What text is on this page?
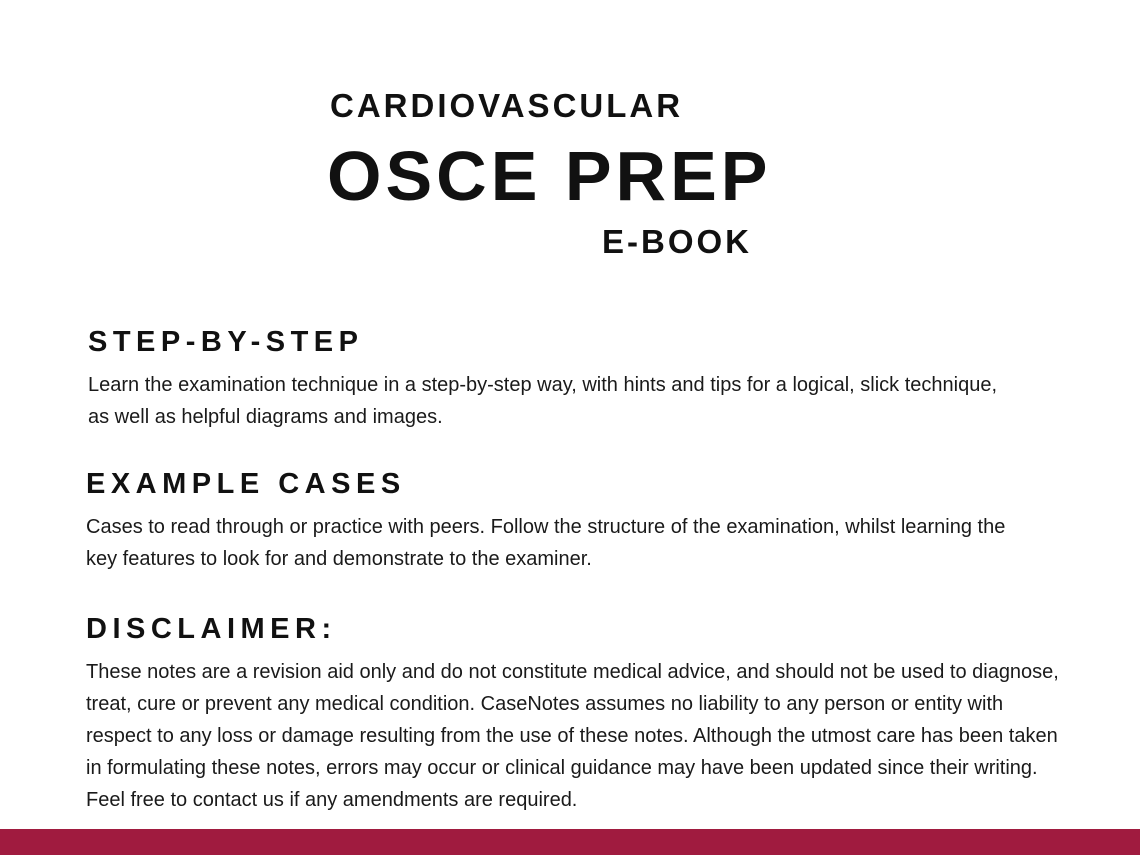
CARDIOVASCULAR
OSCE PREP
E-BOOK
STEP-BY-STEP

Learn the examination technique in a step-by-step way, with hints and tips for a logical, slick technique, as well as helpful diagrams and images.

EXAMPLE CASES

Cases to read through or practice with peers. Follow the structure of the examination, whilst learning the key features to look for and demonstrate to the examiner.

DISCLAIMER:

These notes are a revision aid only and do not constitute medical advice, and should not be used to diagnose, treat, cure or prevent any medical condition. CaseNotes assumes no liability to any person or entity with respect to any loss or damage resulting from the use of these notes. Although the utmost care has been taken in formulating these notes, errors may occur or clinical guidance may have been updated since their writing. Feel free to contact us if any amendments are required.
